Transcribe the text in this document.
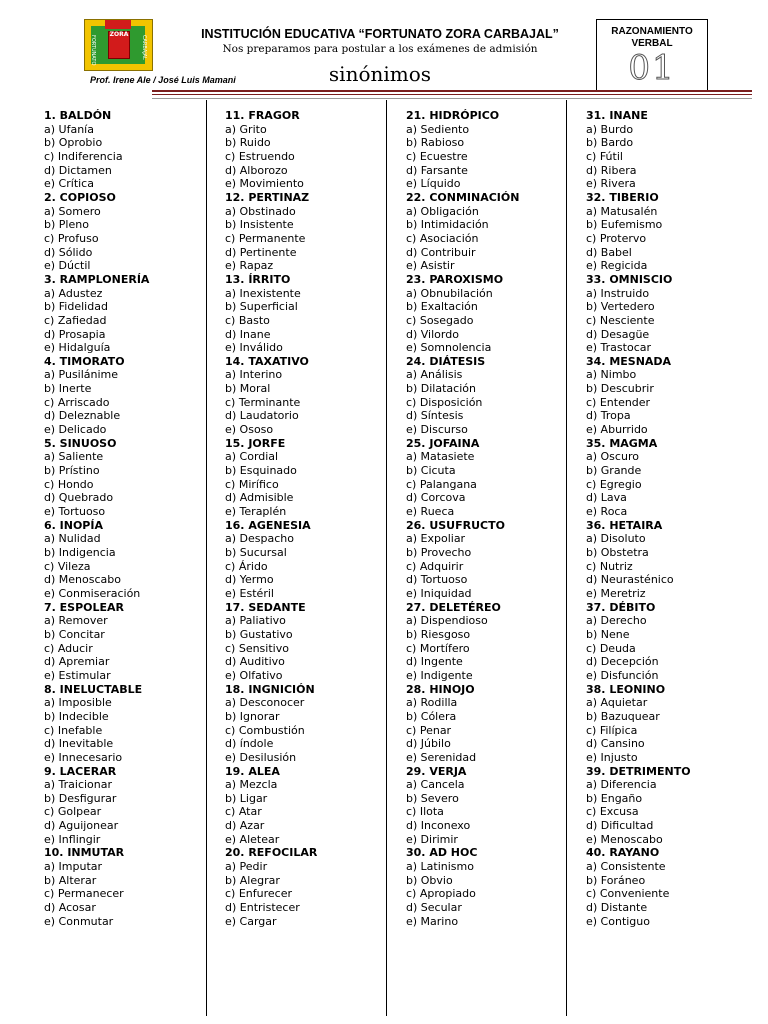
ZORA
FORTUNATO	CARBAJAL
INSTITUCIÓN EDUCATIVA “FORTUNATO ZORA CARBAJAL”
Nos preparamos para postular a los exámenes de admisión
Prof. Irene Ale / José Luis Mamani	sinónimos
RAZONAMIENTO VERBAL
01
1. BALDÓN
a) Ufanía
b) Oprobio
c) Indiferencia
d) Dictamen
e) Crítica
2. COPIOSO
a) Somero
b) Pleno
c) Profuso
d) Sólido
e) Dúctil
3. RAMPLONERÍA
a) Adustez
b) Fidelidad
c) Zafiedad
d) Prosapia
e) Hidalguía
4. TIMORATO
a) Pusilánime
b) Inerte
c) Arriscado
d) Deleznable
e) Delicado
5. SINUOSO
a) Saliente
b) Prístino
c) Hondo
d) Quebrado
e) Tortuoso
6. INOPÍA
a) Nulidad
b) Indigencia
c) Vileza
d) Menoscabo
e) Conmiseración
7. ESPOLEAR
a) Remover
b) Concitar
c) Aducir
d) Apremiar
e) Estimular
8. INELUCTABLE
a) Imposible
b) Indecible
c) Inefable
d) Inevitable
e) Innecesario
9. LACERAR
a) Traicionar
b) Desfigurar
c) Golpear
d) Aguijonear
e) Inflingir
10. INMUTAR
a) Imputar
b) Alterar
c) Permanecer
d) Acosar
e) Conmutar
11. FRAGOR
a) Grito
b) Ruido
c) Estruendo
d) Alborozo
e) Movimiento
12. PERTINAZ
a) Obstinado
b) Insistente
c) Permanente
d) Pertinente
e) Rapaz
13. ÍRRITO
a) Inexistente
b) Superficial
c) Basto
d) Inane
e) Inválido
14. TAXATIVO
a) Interino
b) Moral
c) Terminante
d) Laudatorio
e) Ososo
15. JORFE
a) Cordial
b) Esquinado
c) Mirífico
d) Admisible
e) Teraplén
16. AGENESIA
a) Despacho
b) Sucursal
c) Árido
d) Yermo
e) Estéril
17. SEDANTE
a) Paliativo
b) Gustativo
c) Sensitivo
d) Auditivo
e) Olfativo
18. INGNICIÓN
a) Desconocer
b) Ignorar
c) Combustión
d) índole
e) Desilusión
19. ALEA
a) Mezcla
b) Ligar
c) Atar
d) Azar
e) Aletear
20. REFOCILAR
a) Pedir
b) Alegrar
c) Enfurecer
d) Entristecer
e) Cargar
21. HIDRÓPICO
a) Sediento
b) Rabioso
c) Ecuestre
d) Farsante
e) Líquido
22. CONMINACIÓN
a) Obligación
b) Intimidación
c) Asociación
d) Contribuir
e) Asistir
23. PAROXISMO
a) Obnubilación
b) Exaltación
c) Sosegado
d) Vilordo
e) Somnolencia
24. DIÁTESIS
a) Análisis
b) Dilatación
c) Disposición
d) Síntesis
e) Discurso
25. JOFAINA
a) Matasiete
b) Cicuta
c) Palangana
d) Corcova
e) Rueca
26. USUFRUCTO
a) Expoliar
b) Provecho
c) Adquirir
d) Tortuoso
e) Iniquidad
27. DELETÉREO
a) Dispendioso
b) Riesgoso
c) Mortífero
d) Ingente
e) Indigente
28. HINOJO
a) Rodilla
b) Cólera
c) Penar
d) Júbilo
e) Serenidad
29. VERJA
a) Cancela
b) Severo
c) Ilota
d) Inconexo
e) Dirimir
30. AD HOC
a) Latinismo
b) Obvio
c) Apropiado
d) Secular
e) Marino
31. INANE
a) Burdo
b) Bardo
c) Fútil
d) Ribera
e) Rivera
32. TIBERIO
a) Matusalén
b) Eufemismo
c) Protervo
d) Babel
e) Regicida
33. OMNISCIO
a) Instruido
b) Vertedero
c) Nesciente
d) Desagüe
e) Trastocar
34. MESNADA
a) Nimbo
b) Descubrir
c) Entender
d) Tropa
e) Aburrido
35. MAGMA
a) Oscuro
b) Grande
c) Egregio
d) Lava
e) Roca
36. HETAIRA
a) Disoluto
b) Obstetra
c) Nutriz
d) Neurasténico
e) Meretriz
37. DÉBITO
a) Derecho
b) Nene
c) Deuda
d) Decepción
e) Disfunción
38. LEONINO
a) Aquietar
b) Bazuquear
c) Filípica
d) Cansino
e) Injusto
39. DETRIMENTO
a) Diferencia
b) Engaño
c) Excusa
d) Dificultad
e) Menoscabo
40. RAYANO
a) Consistente
b) Foráneo
c) Conveniente
d) Distante
e) Contiguo
